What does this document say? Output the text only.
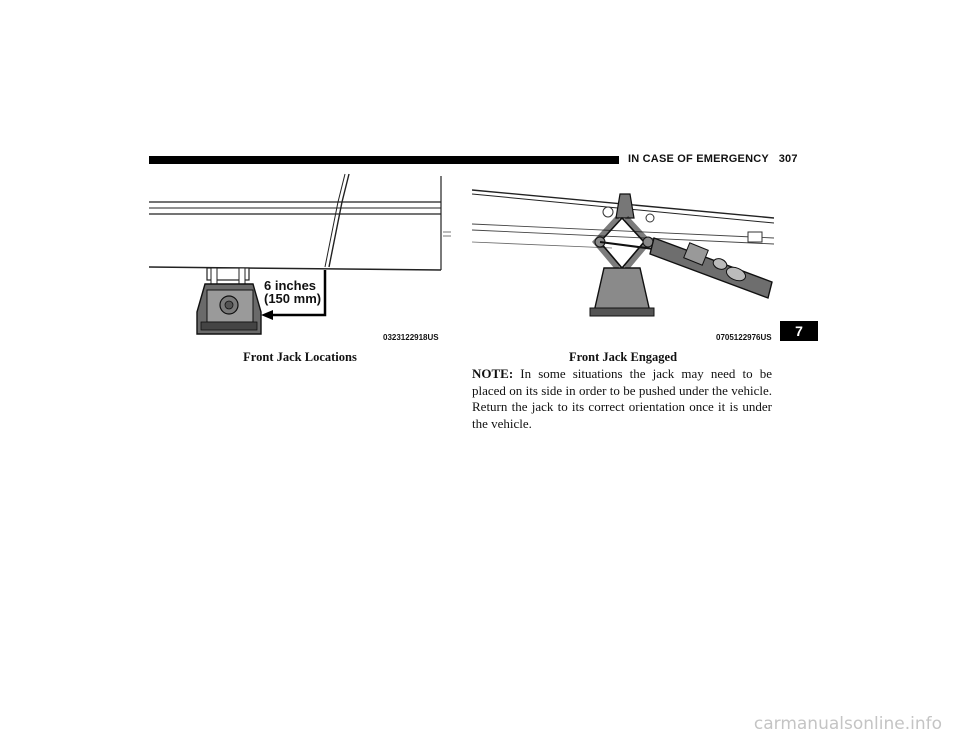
IN CASE OF EMERGENCY 307
6 inches
(150 mm)
0323122918US
Front Jack Locations
0705122976US
Front Jack Engaged
7
NOTE: In some situations the jack may need to be placed on its side in order to be pushed under the vehicle. Return the jack to its correct orientation once it is under the vehicle.
carmanualsonline.info
